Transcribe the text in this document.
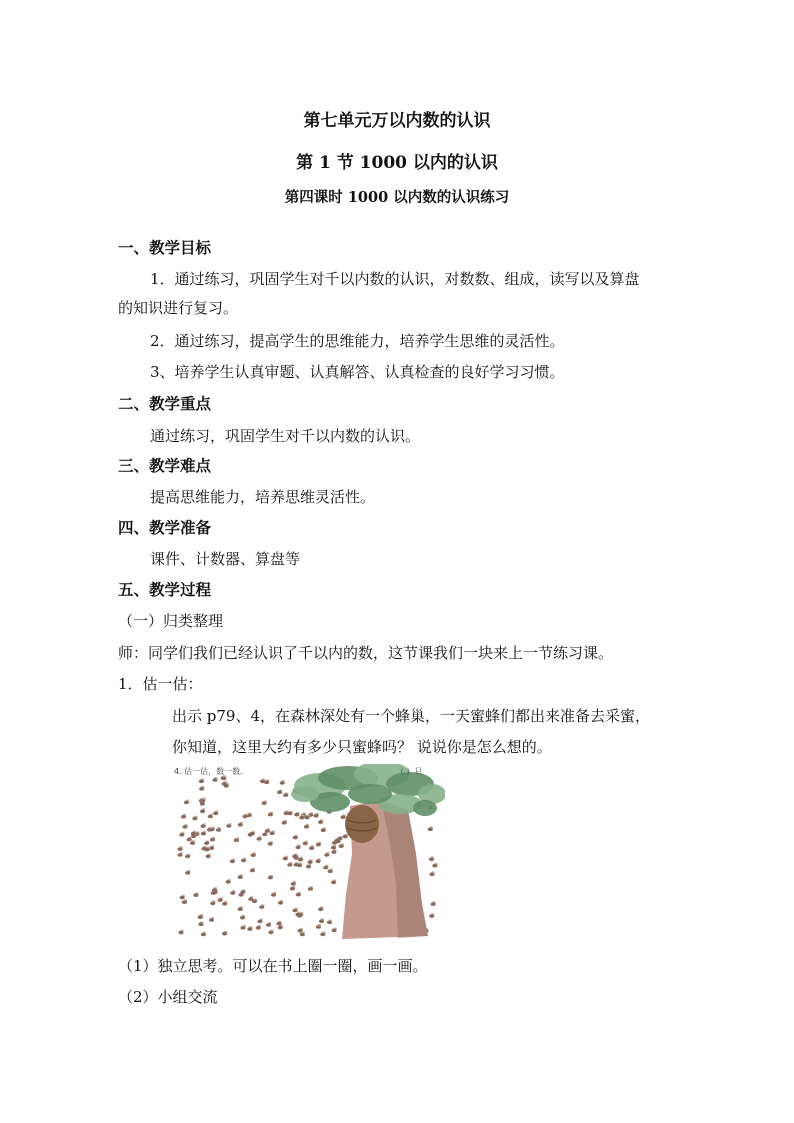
第七单元万以内数的认识
第 1 节 1000 以内的认识
第四课时 1000 以内数的认识练习
一、教学目标
1．通过练习，巩固学生对千以内数的认识，对数数、组成，读写以及算盘
的知识进行复习。
2．通过练习，提高学生的思维能力，培养学生思维的灵活性。
3、培养学生认真审题、认真解答、认真检查的良好学习习惯。
二、教学重点
通过练习，巩固学生对千以内数的认识。
三、教学难点
提高思维能力，培养思维灵活性。
四、教学准备
课件、计数器、算盘等
五、教学过程
（一）归类整理
师：同学们我们已经认识了千以内的数，这节课我们一块来上一节练习课。
1．估一估：
出示 p79、4，在森林深处有一个蜂巢，一天蜜蜂们都出来准备去采蜜，
你知道，这里大约有多少只蜜蜂吗？ 说说你是怎么想的。
4. 估一估，数一数。	（ ）只
（1）独立思考。可以在书上圈一圈，画一画。
（2）小组交流
